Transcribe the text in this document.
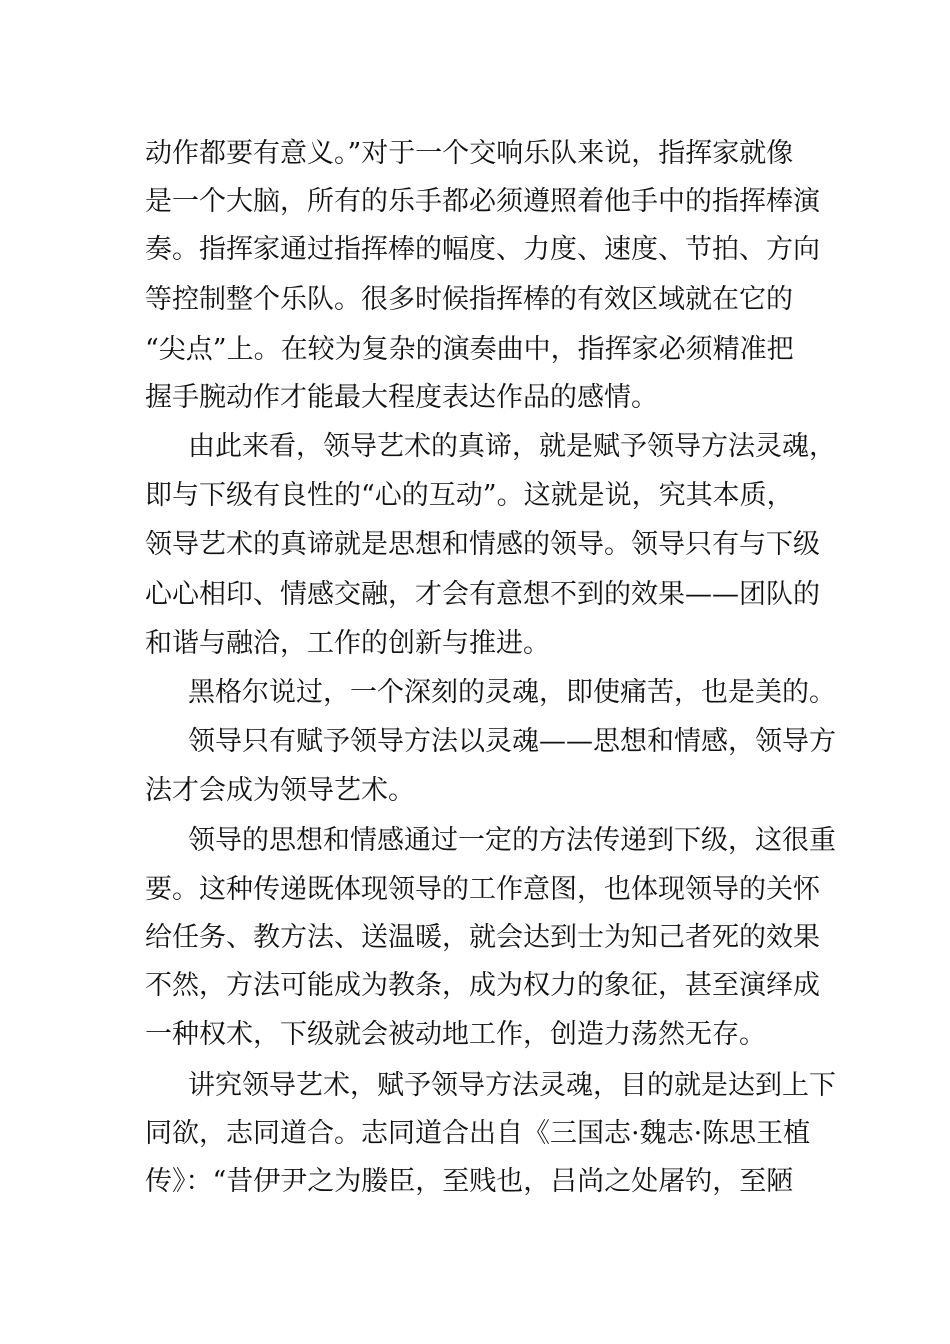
动作都要有意义。”对于一个交响乐队来说，指挥家就像
是一个大脑，所有的乐手都必须遵照着他手中的指挥棒演
奏。指挥家通过指挥棒的幅度、力度、速度、节拍、方向
等控制整个乐队。很多时候指挥棒的有效区域就在它的
“尖点”上。在较为复杂的演奏曲中，指挥家必须精准把
握手腕动作才能最大程度表达作品的感情。
由此来看，领导艺术的真谛，就是赋予领导方法灵魂，
即与下级有良性的“心的互动”。这就是说，究其本质，
领导艺术的真谛就是思想和情感的领导。领导只有与下级
心心相印、情感交融，才会有意想不到的效果——团队的
和谐与融洽，工作的创新与推进。
黑格尔说过，一个深刻的灵魂，即使痛苦，也是美的。
领导只有赋予领导方法以灵魂——思想和情感，领导方
法才会成为领导艺术。
领导的思想和情感通过一定的方法传递到下级，这很重
要。这种传递既体现领导的工作意图，也体现领导的关怀
给任务、教方法、送温暖，就会达到士为知己者死的效果
不然，方法可能成为教条，成为权力的象征，甚至演绎成
一种权术，下级就会被动地工作，创造力荡然无存。
讲究领导艺术，赋予领导方法灵魂，目的就是达到上下
同欲，志同道合。志同道合出自《三国志·魏志·陈思王植
传》：“昔伊尹之为媵臣，至贱也，吕尚之处屠钓，至陋
